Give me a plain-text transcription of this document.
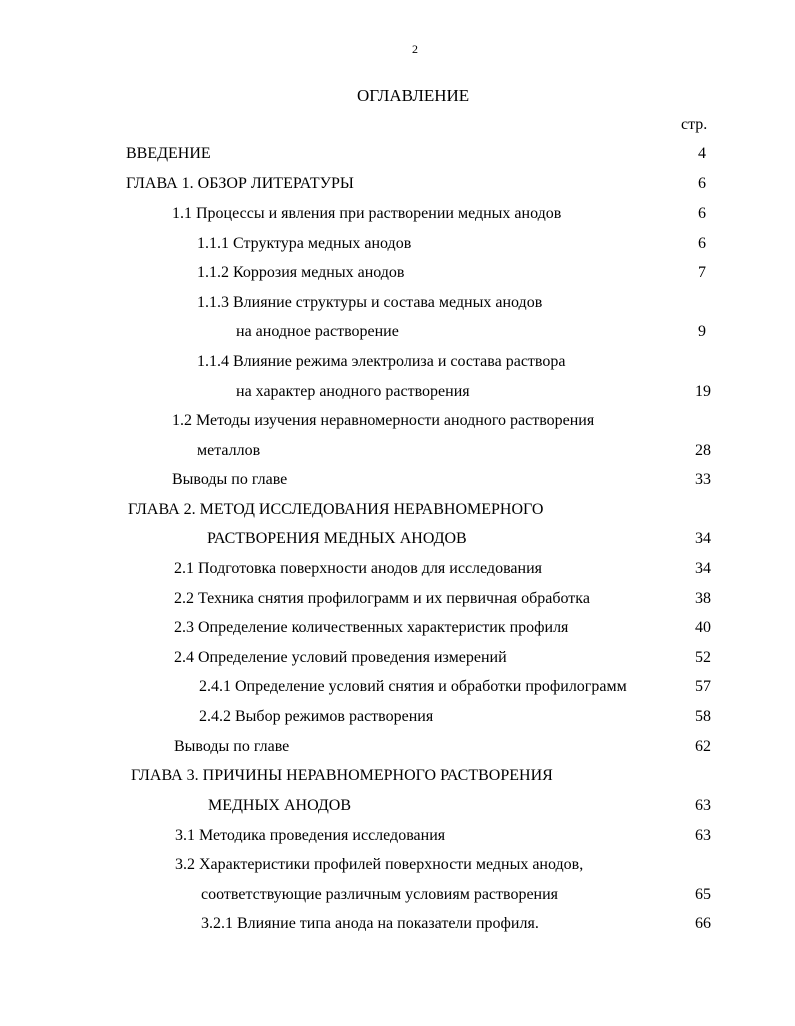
2
ОГЛАВЛЕНИЕ
стр.
ВВЕДЕНИЕ	4
ГЛАВА 1. ОБЗОР ЛИТЕРАТУРЫ	6
1.1 Процессы и явления при растворении медных анодов	6
1.1.1 Структура медных анодов	6
1.1.2 Коррозия медных анодов	7
1.1.3 Влияние структуры и состава медных анодов
на анодное растворение	9
1.1.4 Влияние режима электролиза и состава раствора
на характер анодного растворения	19
1.2 Методы изучения неравномерности анодного растворения
металлов	28
Выводы по главе	33
ГЛАВА 2. МЕТОД ИССЛЕДОВАНИЯ НЕРАВНОМЕРНОГО
РАСТВОРЕНИЯ МЕДНЫХ АНОДОВ	34
2.1 Подготовка поверхности анодов для исследования	34
2.2 Техника снятия профилограмм и их первичная обработка	38
2.3 Определение количественных характеристик профиля	40
2.4 Определение условий проведения измерений	52
2.4.1 Определение условий снятия и обработки профилограмм	57
2.4.2 Выбор режимов растворения	58
Выводы по главе	62
ГЛАВА 3. ПРИЧИНЫ НЕРАВНОМЕРНОГО РАСТВОРЕНИЯ
МЕДНЫХ АНОДОВ	63
3.1 Методика проведения исследования	63
3.2 Характеристики профилей поверхности медных анодов,
соответствующие различным условиям растворения	65
3.2.1 Влияние типа анода на показатели профиля.	66
